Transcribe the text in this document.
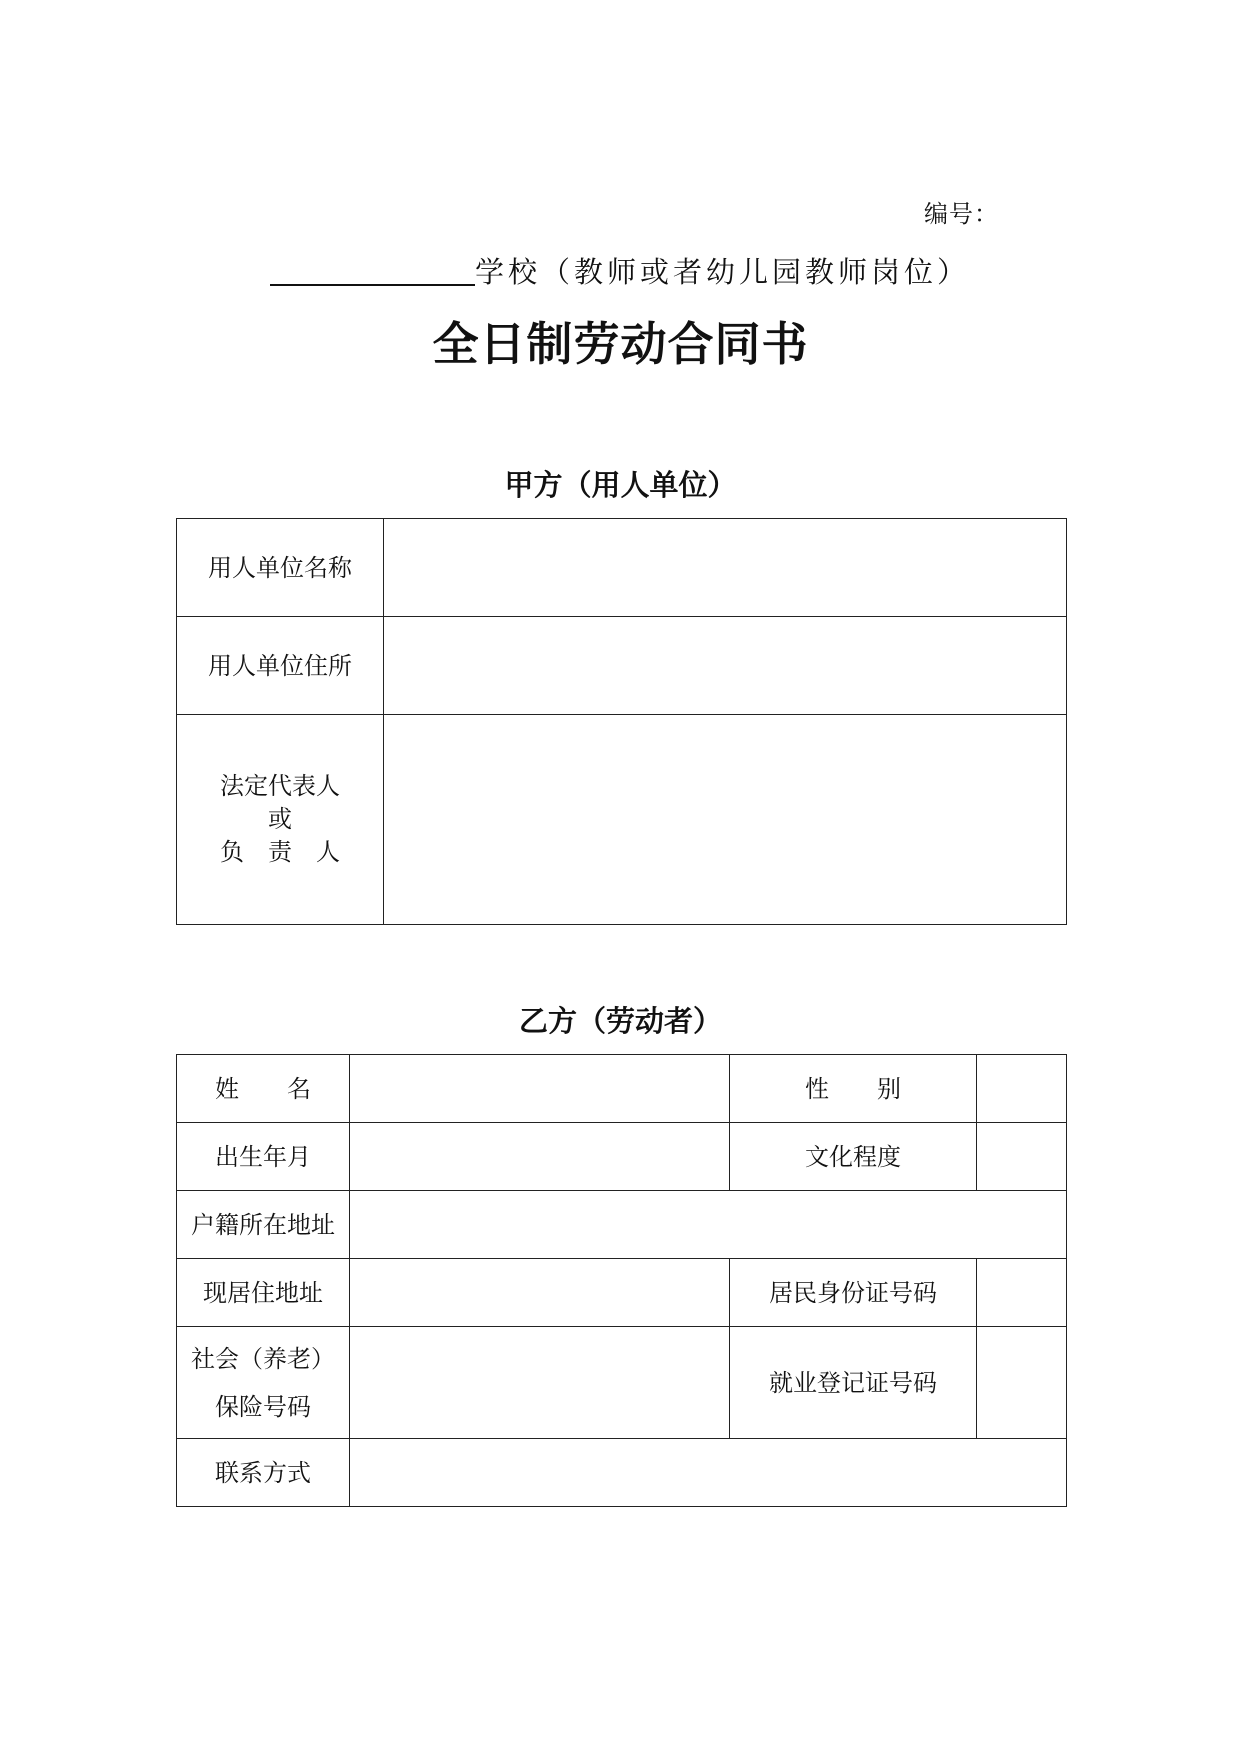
编号：
学校（教师或者幼儿园教师岗位）
全日制劳动合同书
甲方（用人单位）
用人单位名称	
用人单位住所	

法定代表人
或
负　责　人	

乙方（劳动者）
姓　　名		性　　别	
出生年月		文化程度	
户籍所在地址			
现居住地址		居民身份证号码	

社会（养老）
保险号码		就业登记证号码	
联系方式			
